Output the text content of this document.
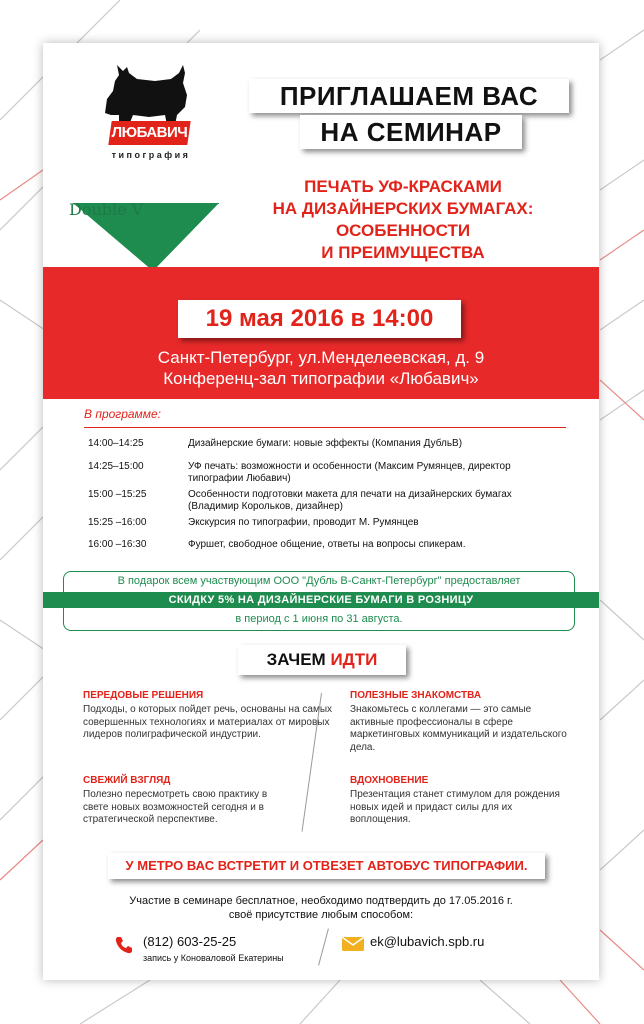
ЛЮБАВИЧ
типография
ПРИГЛАШАЕМ ВАС
НА СЕМИНАР
Double V
ПЕЧАТЬ УФ-КРАСКАМИ
НА ДИЗАЙНЕРСКИХ БУМАГАХ:
ОСОБЕННОСТИ
И ПРЕИМУЩЕСТВА
19 мая 2016 в 14:00
Санкт-Петербург, ул.Менделеевская, д. 9
Конференц-зал типографии «Любавич»
В программе:
14:00–14:25	Дизайнерские бумаги: новые эффекты (Компания ДубльВ)
14:25–15:00	УФ печать: возможности и особенности (Максим Румянцев, директор типографии Любавич)
15:00 –15:25	Особенности подготовки макета для печати на дизайнерских бумагах (Владимир Корольков, дизайнер)
15:25 –16:00	Экскурсия по типографии, проводит М. Румянцев
16:00 –16:30	Фуршет, свободное общение, ответы на вопросы спикерам.
В подарок всем участвующим ООО "Дубль В-Санкт-Петербург" предоставляет
СКИДКУ 5% НА ДИЗАЙНЕРСКИЕ БУМАГИ В РОЗНИЦУ
в период с 1 июня по 31 августа.
ЗАЧЕМ ИДТИ
ПЕРЕДОВЫЕ РЕШЕНИЯ
Подходы, о которых пойдет речь, основаны на самых совершенных технологиях и материалах от мировых лидеров полиграфической индустрии.
ПОЛЕЗНЫЕ ЗНАКОМСТВА
Знакомьтесь с коллегами — это самые активные профессионалы в сфере маркетинговых коммуникаций и издательского дела.
СВЕЖИЙ ВЗГЛЯД
Полезно пересмотреть свою практику в свете новых возможностей сегодня и в стратегической перспективе.
ВДОХНОВЕНИЕ
Презентация станет стимулом для рождения новых идей и придаст силы для их воплощения.
У МЕТРО ВАС ВСТРЕТИТ И ОТВЕЗЕТ АВТОБУС ТИПОГРАФИИ.
Участие в семинаре бесплатное, необходимо подтвердить до 17.05.2016 г.
своё присутствие любым способом:
(812) 603-25-25
запись у Коноваловой Екатерины
ek@lubavich.spb.ru
